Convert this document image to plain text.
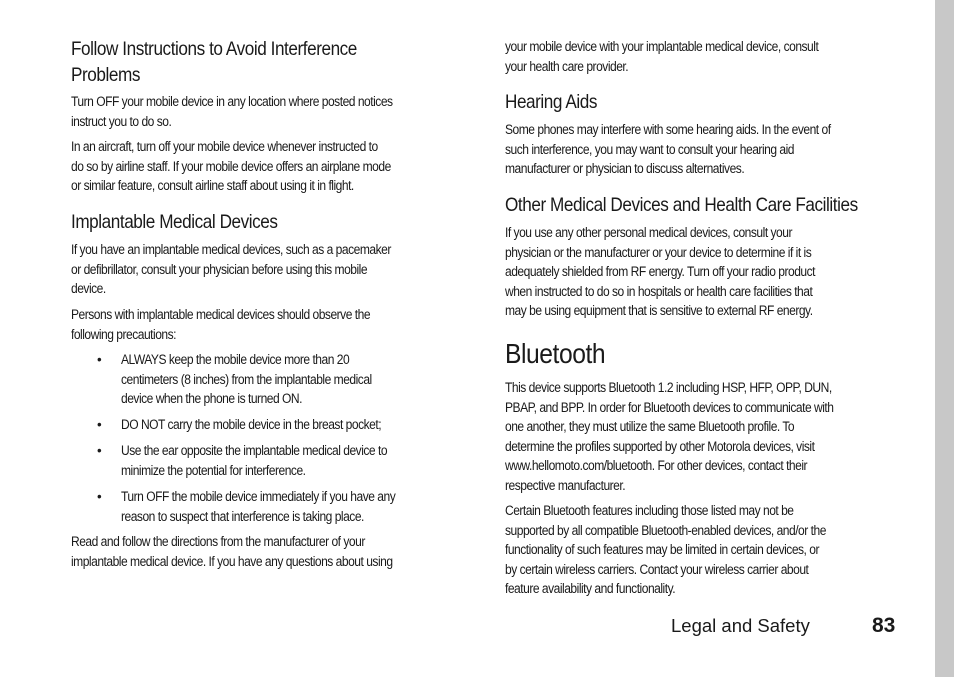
Follow Instructions to Avoid Interference
Problems

Turn OFF your mobile device in any location where posted notices
instruct you to do so.

In an aircraft, turn off your mobile device whenever instructed to
do so by airline staff. If your mobile device offers an airplane mode
or similar feature, consult airline staff about using it in flight.

Implantable Medical Devices

If you have an implantable medical devices, such as a pacemaker
or defibrillator, consult your physician before using this mobile
device.

Persons with implantable medical devices should observe the
following precautions:

• ALWAYS keep the mobile device more than 20
centimeters (8 inches) from the implantable medical
device when the phone is turned ON.

• DO NOT carry the mobile device in the breast pocket;

• Use the ear opposite the implantable medical device to
minimize the potential for interference.

• Turn OFF the mobile device immediately if you have any
reason to suspect that interference is taking place.

Read and follow the directions from the manufacturer of your
implantable medical device. If you have any questions about using

your mobile device with your implantable medical device, consult
your health care provider.

Hearing Aids

Some phones may interfere with some hearing aids. In the event of
such interference, you may want to consult your hearing aid
manufacturer or physician to discuss alternatives.

Other Medical Devices and Health Care Facilities

If you use any other personal medical devices, consult your
physician or the manufacturer or your device to determine if it is
adequately shielded from RF energy. Turn off your radio product
when instructed to do so in hospitals or health care facilities that
may be using equipment that is sensitive to external RF energy.

Bluetooth

This device supports Bluetooth 1.2 including HSP, HFP, OPP, DUN,
PBAP, and BPP. In order for Bluetooth devices to communicate with
one another, they must utilize the same Bluetooth profile. To
determine the profiles supported by other Motorola devices, visit
www.hellomoto.com/bluetooth. For other devices, contact their
respective manufacturer.

Certain Bluetooth features including those listed may not be
supported by all compatible Bluetooth-enabled devices, and/or the
functionality of such features may be limited in certain devices, or
by certain wireless carriers. Contact your wireless carrier about
feature availability and functionality.

Legal and Safety	83
